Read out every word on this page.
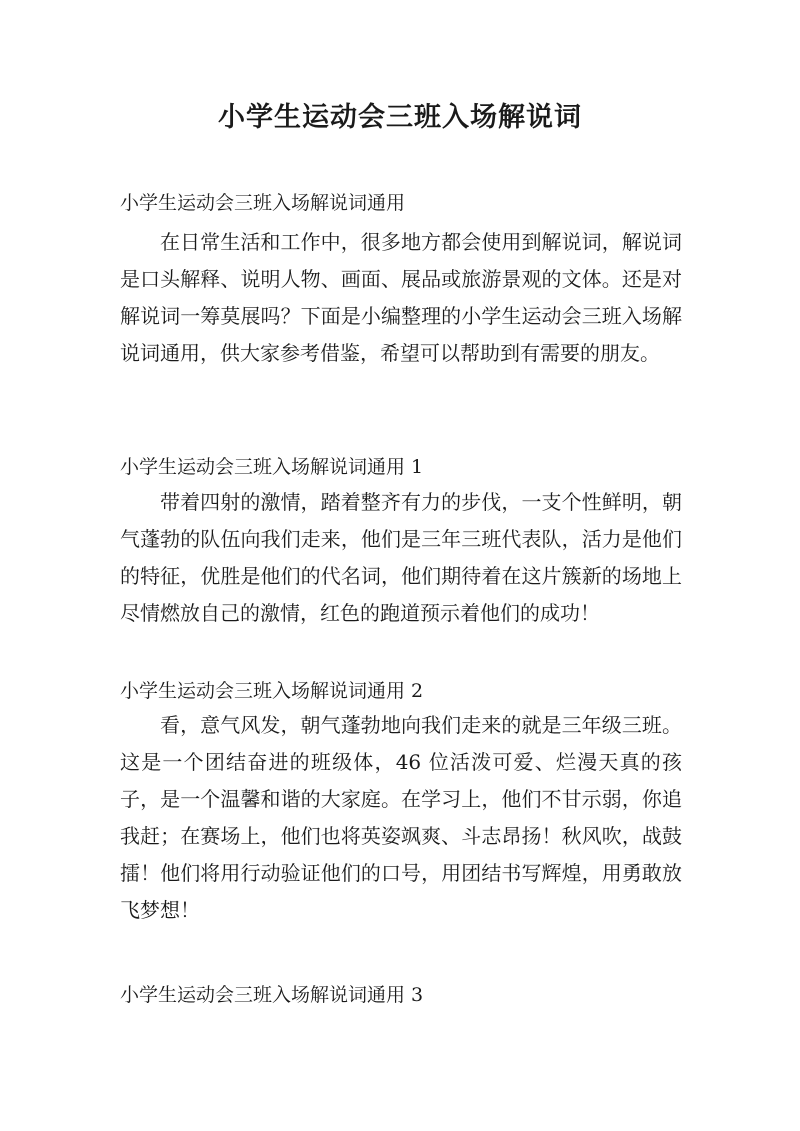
小学生运动会三班入场解说词
小学生运动会三班入场解说词通用

在日常生活和工作中，很多地方都会使用到解说词，解说词是口头解释、说明人物、画面、展品或旅游景观的文体。还是对解说词一筹莫展吗？下面是小编整理的小学生运动会三班入场解说词通用，供大家参考借鉴，希望可以帮助到有需要的朋友。

小学生运动会三班入场解说词通用 1

带着四射的激情，踏着整齐有力的步伐，一支个性鲜明，朝气蓬勃的队伍向我们走来，他们是三年三班代表队，活力是他们的特征，优胜是他们的代名词，他们期待着在这片簇新的场地上尽情燃放自己的激情，红色的跑道预示着他们的成功！

小学生运动会三班入场解说词通用 2

看，意气风发，朝气蓬勃地向我们走来的就是三年级三班。这是一个团结奋进的班级体，46 位活泼可爱、烂漫天真的孩子，是一个温馨和谐的大家庭。在学习上，他们不甘示弱，你追我赶；在赛场上，他们也将英姿飒爽、斗志昂扬！秋风吹，战鼓擂！他们将用行动验证他们的口号，用团结书写辉煌，用勇敢放飞梦想！

小学生运动会三班入场解说词通用 3
